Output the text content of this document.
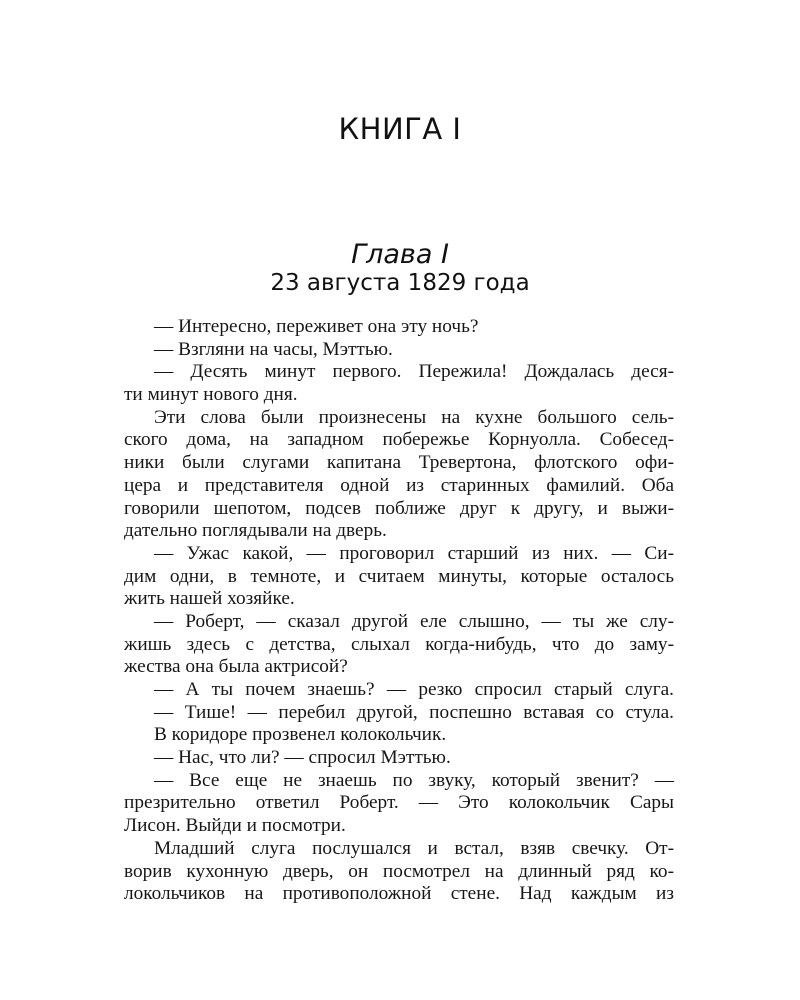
КНИГА I
Глава I
23 августа 1829 года
— Интересно, переживет она эту ночь?
— Взгляни на часы, Мэттью.
— Десять минут первого. Пережила! Дождалась деся-
ти минут нового дня.
Эти слова были произнесены на кухне большого сель-
ского дома, на западном побережье Корнуолла. Собесед-
ники были слугами капитана Тревертона, флотского офи-
цера и представителя одной из старинных фамилий. Оба
говорили шепотом, подсев поближе друг к другу, и выжи-
дательно поглядывали на дверь.
— Ужас какой, — проговорил старший из них. — Си-
дим одни, в темноте, и считаем минуты, которые осталось
жить нашей хозяйке.
— Роберт, — сказал другой еле слышно, — ты же слу-
жишь здесь с детства, слыхал когда-нибудь, что до заму-
жества она была актрисой?
— А ты почем знаешь? — резко спросил старый слуга.
— Тише! — перебил другой, поспешно вставая со стула.
В коридоре прозвенел колокольчик.
— Нас, что ли? — спросил Мэттью.
— Все еще не знаешь по звуку, который звенит? —
презрительно ответил Роберт. — Это колокольчик Сары
Лисон. Выйди и посмотри.
Младший слуга послушался и встал, взяв свечку. От-
ворив кухонную дверь, он посмотрел на длинный ряд ко-
локольчиков на противоположной стене. Над каждым из
